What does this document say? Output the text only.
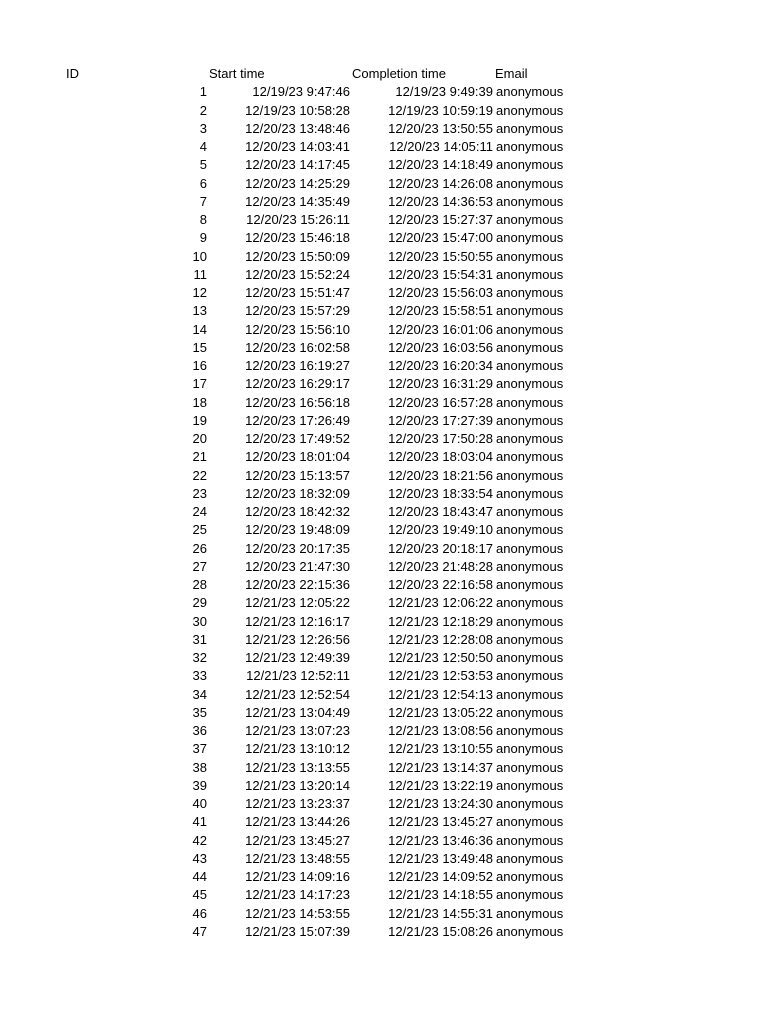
ID	Start time	Completion time	Email
1	12/19/23 9:47:46	12/19/23 9:49:39 anonymous
2	12/19/23 10:58:28	12/19/23 10:59:19 anonymous
3	12/20/23 13:48:46	12/20/23 13:50:55 anonymous
4	12/20/23 14:03:41	12/20/23 14:05:11 anonymous
5	12/20/23 14:17:45	12/20/23 14:18:49 anonymous
6	12/20/23 14:25:29	12/20/23 14:26:08 anonymous
7	12/20/23 14:35:49	12/20/23 14:36:53 anonymous
8	12/20/23 15:26:11	12/20/23 15:27:37 anonymous
9	12/20/23 15:46:18	12/20/23 15:47:00 anonymous
10	12/20/23 15:50:09	12/20/23 15:50:55 anonymous
11	12/20/23 15:52:24	12/20/23 15:54:31 anonymous
12	12/20/23 15:51:47	12/20/23 15:56:03 anonymous
13	12/20/23 15:57:29	12/20/23 15:58:51 anonymous
14	12/20/23 15:56:10	12/20/23 16:01:06 anonymous
15	12/20/23 16:02:58	12/20/23 16:03:56 anonymous
16	12/20/23 16:19:27	12/20/23 16:20:34 anonymous
17	12/20/23 16:29:17	12/20/23 16:31:29 anonymous
18	12/20/23 16:56:18	12/20/23 16:57:28 anonymous
19	12/20/23 17:26:49	12/20/23 17:27:39 anonymous
20	12/20/23 17:49:52	12/20/23 17:50:28 anonymous
21	12/20/23 18:01:04	12/20/23 18:03:04 anonymous
22	12/20/23 15:13:57	12/20/23 18:21:56 anonymous
23	12/20/23 18:32:09	12/20/23 18:33:54 anonymous
24	12/20/23 18:42:32	12/20/23 18:43:47 anonymous
25	12/20/23 19:48:09	12/20/23 19:49:10 anonymous
26	12/20/23 20:17:35	12/20/23 20:18:17 anonymous
27	12/20/23 21:47:30	12/20/23 21:48:28 anonymous
28	12/20/23 22:15:36	12/20/23 22:16:58 anonymous
29	12/21/23 12:05:22	12/21/23 12:06:22 anonymous
30	12/21/23 12:16:17	12/21/23 12:18:29 anonymous
31	12/21/23 12:26:56	12/21/23 12:28:08 anonymous
32	12/21/23 12:49:39	12/21/23 12:50:50 anonymous
33	12/21/23 12:52:11	12/21/23 12:53:53 anonymous
34	12/21/23 12:52:54	12/21/23 12:54:13 anonymous
35	12/21/23 13:04:49	12/21/23 13:05:22 anonymous
36	12/21/23 13:07:23	12/21/23 13:08:56 anonymous
37	12/21/23 13:10:12	12/21/23 13:10:55 anonymous
38	12/21/23 13:13:55	12/21/23 13:14:37 anonymous
39	12/21/23 13:20:14	12/21/23 13:22:19 anonymous
40	12/21/23 13:23:37	12/21/23 13:24:30 anonymous
41	12/21/23 13:44:26	12/21/23 13:45:27 anonymous
42	12/21/23 13:45:27	12/21/23 13:46:36 anonymous
43	12/21/23 13:48:55	12/21/23 13:49:48 anonymous
44	12/21/23 14:09:16	12/21/23 14:09:52 anonymous
45	12/21/23 14:17:23	12/21/23 14:18:55 anonymous
46	12/21/23 14:53:55	12/21/23 14:55:31 anonymous
47	12/21/23 15:07:39	12/21/23 15:08:26 anonymous
